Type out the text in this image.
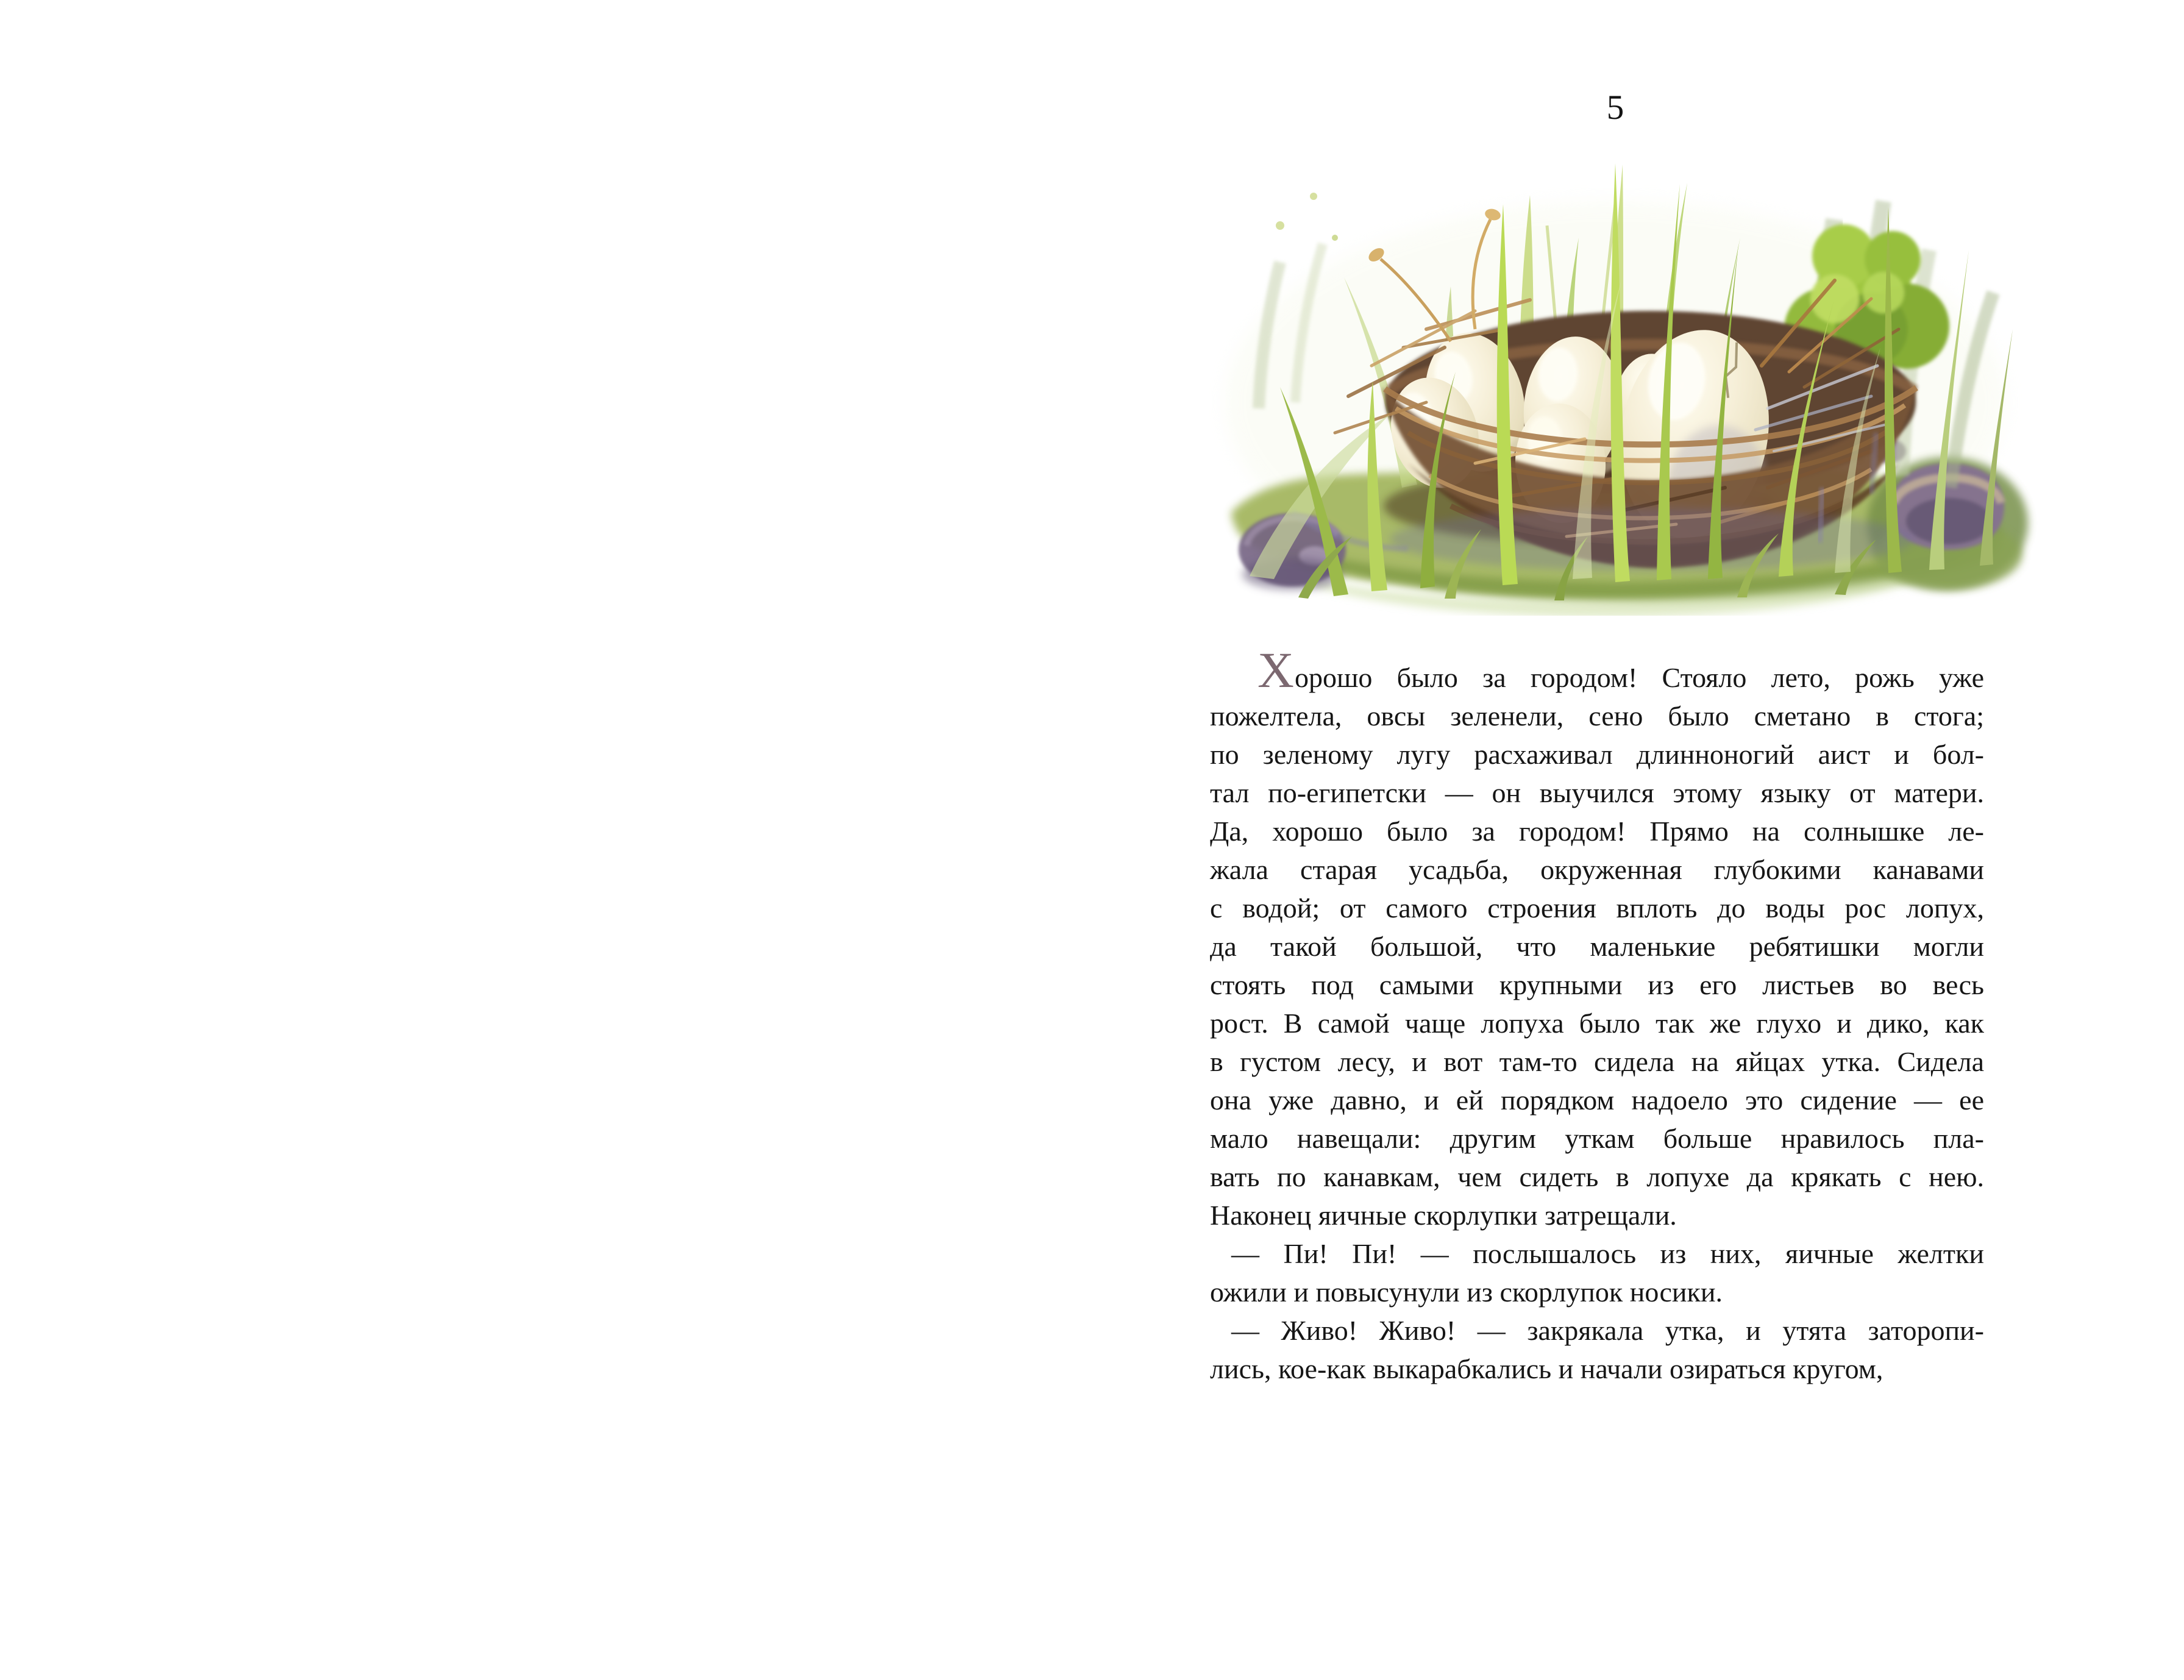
5
Хорошо было за городом! Стояло лето, рожь уже
пожелтела, овсы зеленели, сено было сметано в стога;
по зеленому лугу расхаживал длинноногий аист и бол-
тал по-египетски — он выучился этому языку от матери.
Да, хорошо было за городом! Прямо на солнышке ле-
жала старая усадьба, окруженная глубокими канавами
с водой; от самого строения вплоть до воды рос лопух,
да такой большой, что маленькие ребятишки могли
стоять под самыми крупными из его листьев во весь
рост. В самой чаще лопуха было так же глухо и дико, как
в густом лесу, и вот там-то сидела на яйцах утка. Сидела
она уже давно, и ей порядком надоело это сидение — ее
мало навещали: другим уткам больше нравилось пла-
вать по канавкам, чем сидеть в лопухе да крякать с нею.
Наконец яичные скорлупки затрещали.
— Пи! Пи! — послышалось из них, яичные желтки
ожили и повысунули из скорлупок носики.
— Живо! Живо! — закрякала утка, и утята заторопи-
лись, кое-как выкарабкались и начали озираться кругом,
